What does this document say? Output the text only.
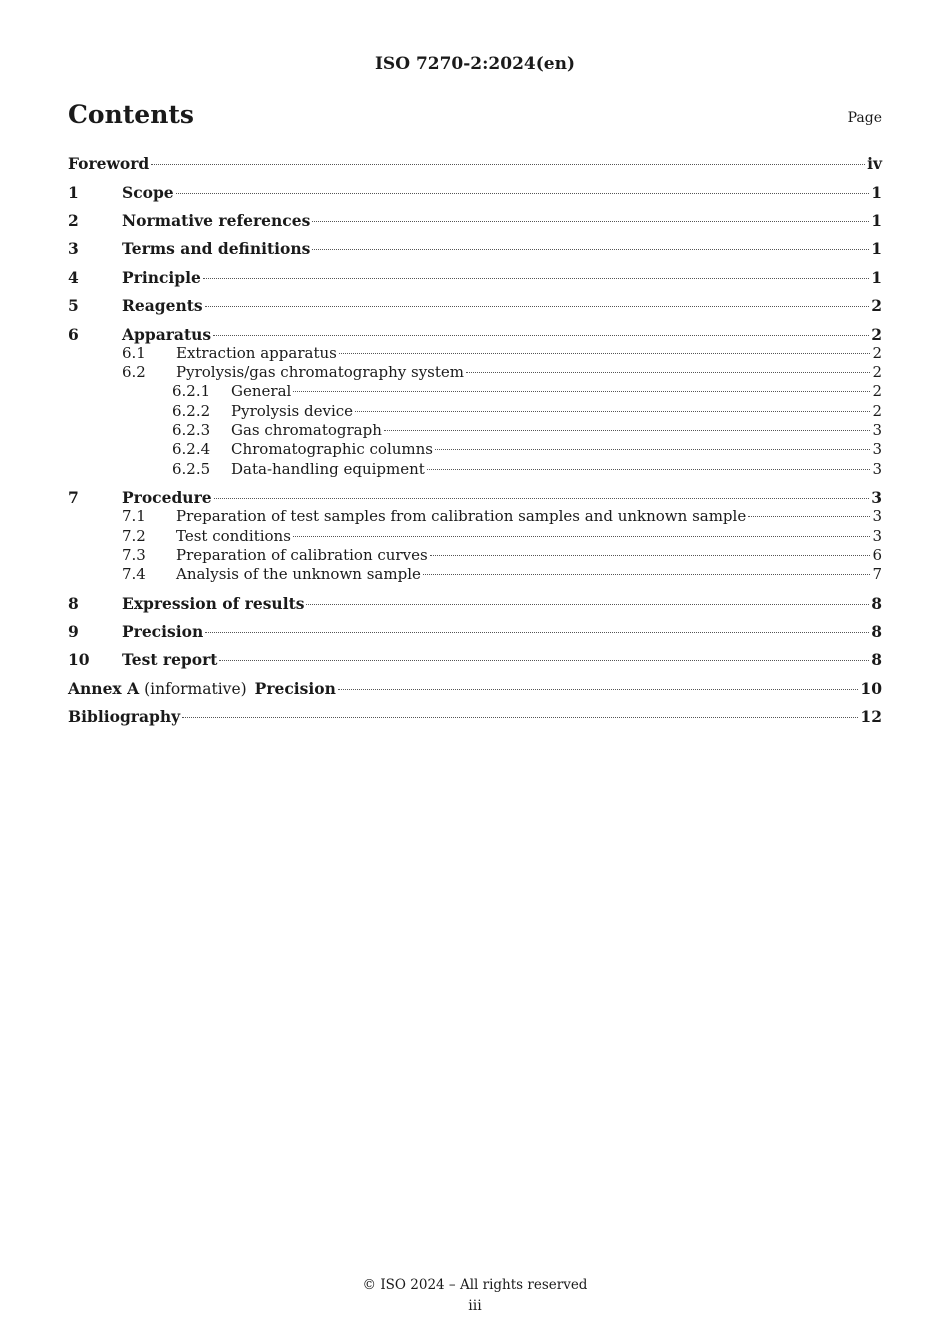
ISO 7270-2:2024(en)
Contents	Page
Foreword	iv
1	Scope	1
2	Normative references	1
3	Terms and definitions	1
4	Principle	1
5	Reagents	2
6	Apparatus	2
6.1	Extraction apparatus	2
6.2	Pyrolysis/gas chromatography system	2
6.2.1	General	2
6.2.2	Pyrolysis device	2
6.2.3	Gas chromatograph	3
6.2.4	Chromatographic columns	3
6.2.5	Data-handling equipment	3
7	Procedure	3
7.1	Preparation of test samples from calibration samples and unknown sample	3
7.2	Test conditions	3
7.3	Preparation of calibration curves	6
7.4	Analysis of the unknown sample	7
8	Expression of results	8
9	Precision	8
10	Test report	8
Annex A (informative) Precision	10
Bibliography	12
© ISO 2024 – All rights reserved
iii
